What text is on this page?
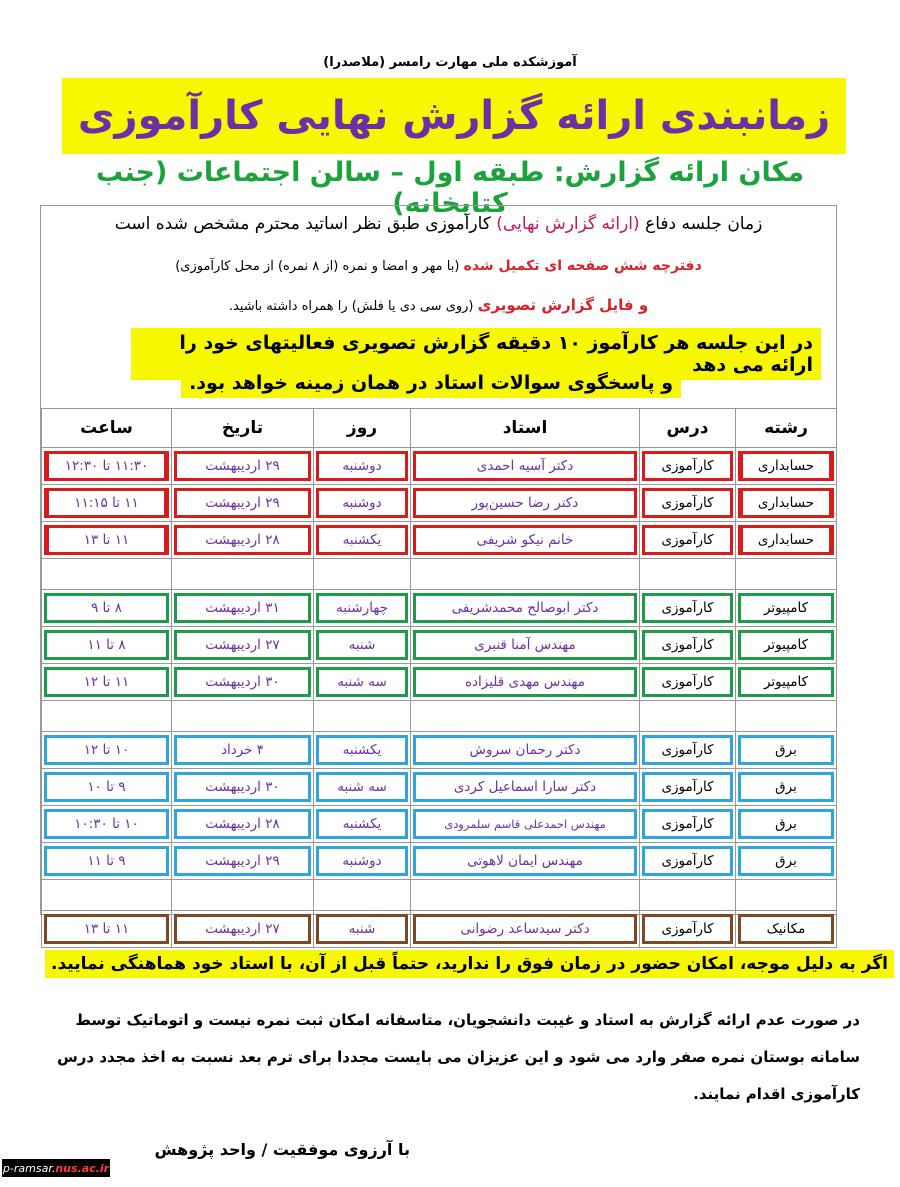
آموزشکده ملی مهارت رامسر (ملاصدرا)
زمانبندی ارائه گزارش نهایی کارآموزی
مکان ارائه گزارش: طبقه اول – سالن اجتماعات (جنب کتابخانه)
زمان جلسه دفاع (ارائه گزارش نهایی) کارآموزی طبق نظر اساتید محترم مشخص شده است
دفترچه شش صفحه ای تکمیل شده (با مهر و امضا و نمره (از ۸ نمره) از محل کارآموزی)
و فایل گزارش تصویری (روی سی دی یا فلش) را همراه داشته باشید.
در این جلسه هر کارآموز ۱۰ دقیقه گزارش تصویری فعالیتهای خود را ارائه می دهد
و پاسخگوی سوالات استاد در همان زمینه خواهد بود.
رشته	درس	استاد	روز	تاریخ	ساعت

حسابداری	کارآموزی	دکتر آسیه احمدی	دوشنبه	۲۹ اردیبهشت	۱۱:۳۰ تا ۱۲:۳۰

حسابداری	کارآموزی	دکتر رضا حسین‌پور	دوشنبه	۲۹ اردیبهشت	۱۱ تا ۱۱:۱۵

حسابداری	کارآموزی	خانم نیکو شریفی	یکشنبه	۲۸ اردیبهشت	۱۱ تا ۱۳

کامپیوتر	کارآموزی	دکتر ابوصالح محمدشریفی	چهارشنبه	۳۱ اردیبهشت	۸ تا ۹

کامپیوتر	کارآموزی	مهندس آمنا قنبری	شنبه	۲۷ اردیبهشت	۸ تا ۱۱

کامپیوتر	کارآموزی	مهندس مهدی قلیزاده	سه شنبه	۳۰ اردیبهشت	۱۱ تا ۱۲

برق	کارآموزی	دکتر رحمان سروش	یکشنبه	۴ خرداد	۱۰ تا ۱۲

برق	کارآموزی	دکتر سارا اسماعیل کردی	سه شنبه	۳۰ اردیبهشت	۹ تا ۱۰

برق	کارآموزی	مهندس احمدعلی قاسم سلمرودی	یکشنبه	۲۸ اردیبهشت	۱۰ تا ۱۰:۳۰

برق	کارآموزی	مهندس ایمان لاهوتی	دوشنبه	۲۹ اردیبهشت	۹ تا ۱۱

مکانیک	کارآموزی	دکتر سیدساعد رضوانی	شنبه	۲۷ اردیبهشت	۱۱ تا ۱۳
اگر به دلیل موجه، امکان حضور در زمان فوق را ندارید، حتماً قبل از آن، با استاد خود هماهنگی نمایید.
در صورت عدم ارائه گزارش به استاد و غیبت دانشجویان، متاسفانه امکان ثبت نمره نیست و اتوماتیک توسط سامانه بوستان نمره صفر وارد می شود و این عزیزان می بایست مجددا برای ترم بعد نسبت به اخذ مجدد درس کارآموزی اقدام نمایند.
با آرزوی موفقیت / واحد پژوهش
p-ramsar. nus.ac.ir
